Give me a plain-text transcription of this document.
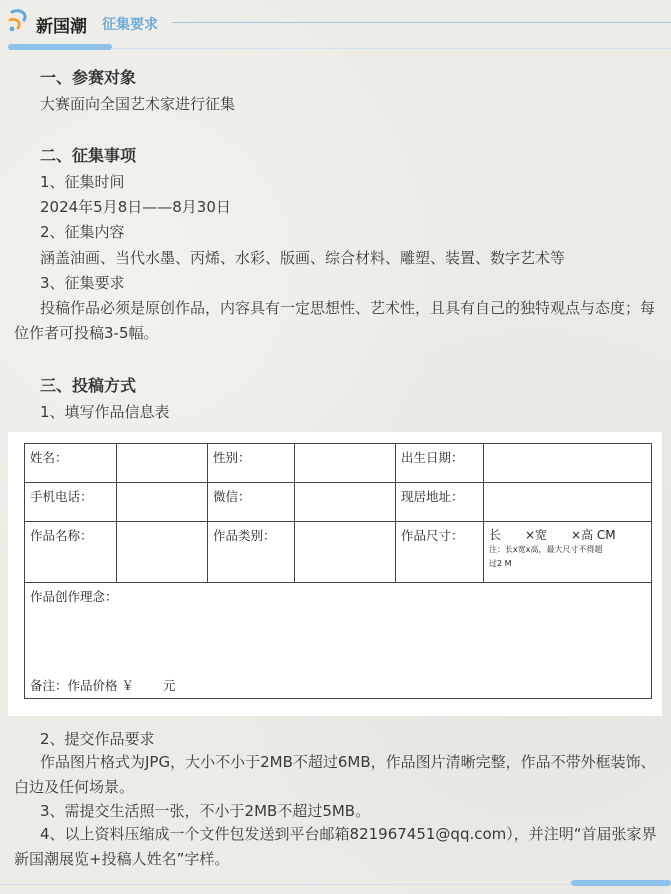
新国潮 征集要求
一、参赛对象
大赛面向全国艺术家进行征集
二、征集事项
1、征集时间
2024年5月8日——8月30日
2、征集内容
涵盖油画、当代水墨、丙烯、水彩、版画、综合材料、雕塑、装置、数字艺术等
3、征集要求
投稿作品必须是原创作品，内容具有一定思想性、艺术性，且具有自己的独特观点与态度；每位作者可投稿3-5幅。
三、投稿方式
1、填写作品信息表
姓名：		性别：		出生日期：	
手机电话：		微信：		现居地址：	
作品名称：		作品类别：		作品尺寸：	长　　×宽　　×高 CM
注：长x宽x高，最大尺寸不得超
过2 M

作品创作理念：
备注：作品价格 ￥　　 元					
2、提交作品要求
作品图片格式为JPG，大小不小于2MB不超过6MB，作品图片清晰完整，作品不带外框装饰、白边及任何场景。
3、需提交生活照一张，不小于2MB不超过5MB。
4、以上资料压缩成一个文件包发送到平台邮箱821967451@qq.com），并注明“首届张家界新国潮展览+投稿人姓名”字样。
